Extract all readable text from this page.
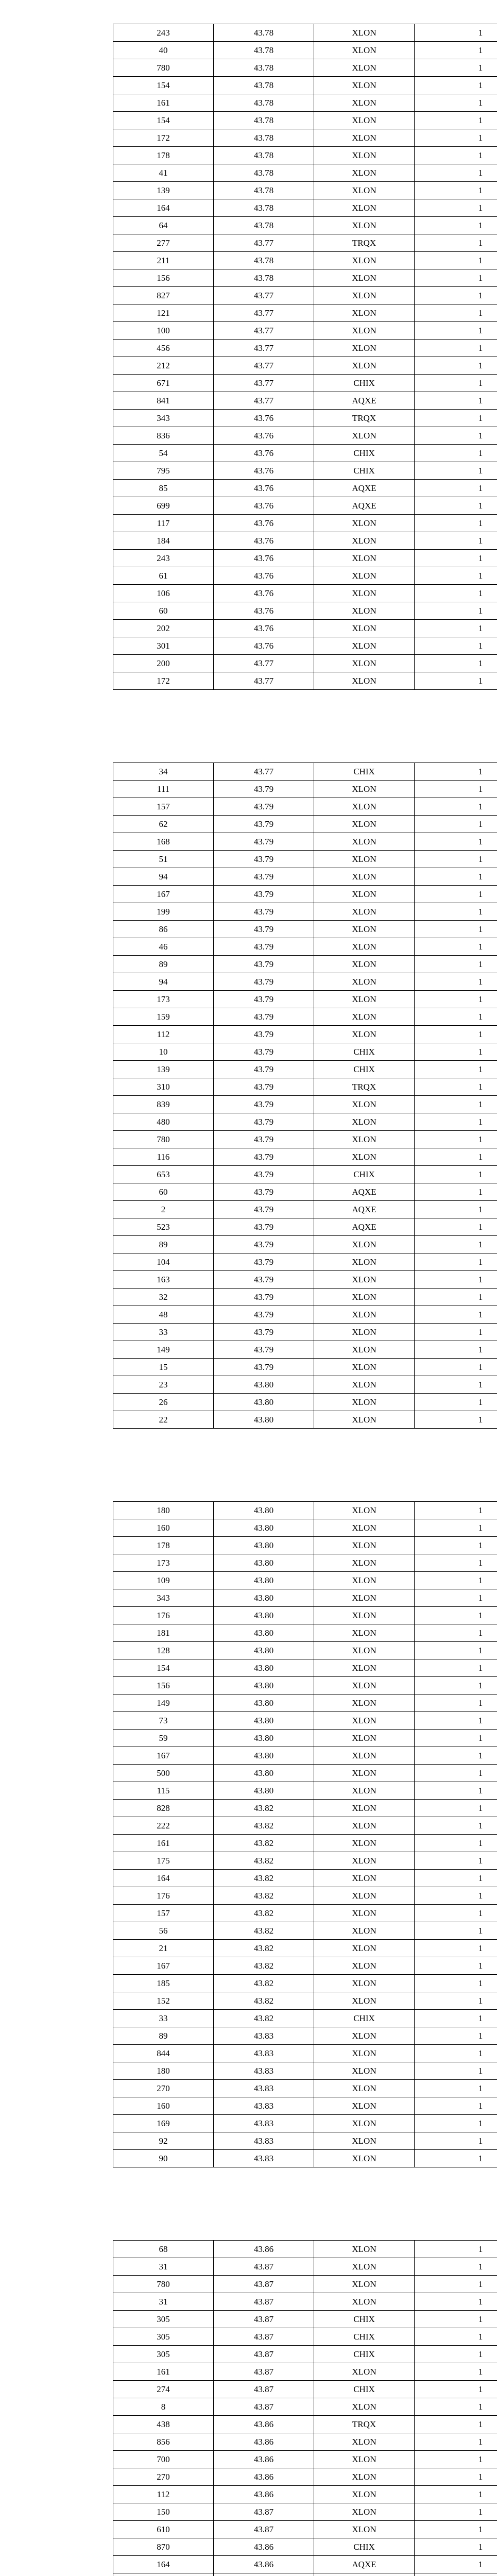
243	43.78	XLON	1
40	43.78	XLON	1
780	43.78	XLON	1
154	43.78	XLON	1
161	43.78	XLON	1
154	43.78	XLON	1
172	43.78	XLON	1
178	43.78	XLON	1
41	43.78	XLON	1
139	43.78	XLON	1
164	43.78	XLON	1
64	43.78	XLON	1
277	43.77	TRQX	1
211	43.78	XLON	1
156	43.78	XLON	1
827	43.77	XLON	1
121	43.77	XLON	1
100	43.77	XLON	1
456	43.77	XLON	1
212	43.77	XLON	1
671	43.77	CHIX	1
841	43.77	AQXE	1
343	43.76	TRQX	1
836	43.76	XLON	1
54	43.76	CHIX	1
795	43.76	CHIX	1
85	43.76	AQXE	1
699	43.76	AQXE	1
117	43.76	XLON	1
184	43.76	XLON	1
243	43.76	XLON	1
61	43.76	XLON	1
106	43.76	XLON	1
60	43.76	XLON	1
202	43.76	XLON	1
301	43.76	XLON	1
200	43.77	XLON	1
172	43.77	XLON	1
34	43.77	CHIX	1
111	43.79	XLON	1
157	43.79	XLON	1
62	43.79	XLON	1
168	43.79	XLON	1
51	43.79	XLON	1
94	43.79	XLON	1
167	43.79	XLON	1
199	43.79	XLON	1
86	43.79	XLON	1
46	43.79	XLON	1
89	43.79	XLON	1
94	43.79	XLON	1
173	43.79	XLON	1
159	43.79	XLON	1
112	43.79	XLON	1
10	43.79	CHIX	1
139	43.79	CHIX	1
310	43.79	TRQX	1
839	43.79	XLON	1
480	43.79	XLON	1
780	43.79	XLON	1
116	43.79	XLON	1
653	43.79	CHIX	1
60	43.79	AQXE	1
2	43.79	AQXE	1
523	43.79	AQXE	1
89	43.79	XLON	1
104	43.79	XLON	1
163	43.79	XLON	1
32	43.79	XLON	1
48	43.79	XLON	1
33	43.79	XLON	1
149	43.79	XLON	1
15	43.79	XLON	1
23	43.80	XLON	1
26	43.80	XLON	1
22	43.80	XLON	1
180	43.80	XLON	1
160	43.80	XLON	1
178	43.80	XLON	1
173	43.80	XLON	1
109	43.80	XLON	1
343	43.80	XLON	1
176	43.80	XLON	1
181	43.80	XLON	1
128	43.80	XLON	1
154	43.80	XLON	1
156	43.80	XLON	1
149	43.80	XLON	1
73	43.80	XLON	1
59	43.80	XLON	1
167	43.80	XLON	1
500	43.80	XLON	1
115	43.80	XLON	1
828	43.82	XLON	1
222	43.82	XLON	1
161	43.82	XLON	1
175	43.82	XLON	1
164	43.82	XLON	1
176	43.82	XLON	1
157	43.82	XLON	1
56	43.82	XLON	1
21	43.82	XLON	1
167	43.82	XLON	1
185	43.82	XLON	1
152	43.82	XLON	1
33	43.82	CHIX	1
89	43.83	XLON	1
844	43.83	XLON	1
180	43.83	XLON	1
270	43.83	XLON	1
160	43.83	XLON	1
169	43.83	XLON	1
92	43.83	XLON	1
90	43.83	XLON	1
68	43.86	XLON	1
31	43.87	XLON	1
780	43.87	XLON	1
31	43.87	XLON	1
305	43.87	CHIX	1
305	43.87	CHIX	1
305	43.87	CHIX	1
161	43.87	XLON	1
274	43.87	CHIX	1
8	43.87	XLON	1
438	43.86	TRQX	1
856	43.86	XLON	1
700	43.86	XLON	1
270	43.86	XLON	1
112	43.86	XLON	1
150	43.87	XLON	1
610	43.87	XLON	1
870	43.86	CHIX	1
164	43.86	AQXE	1
